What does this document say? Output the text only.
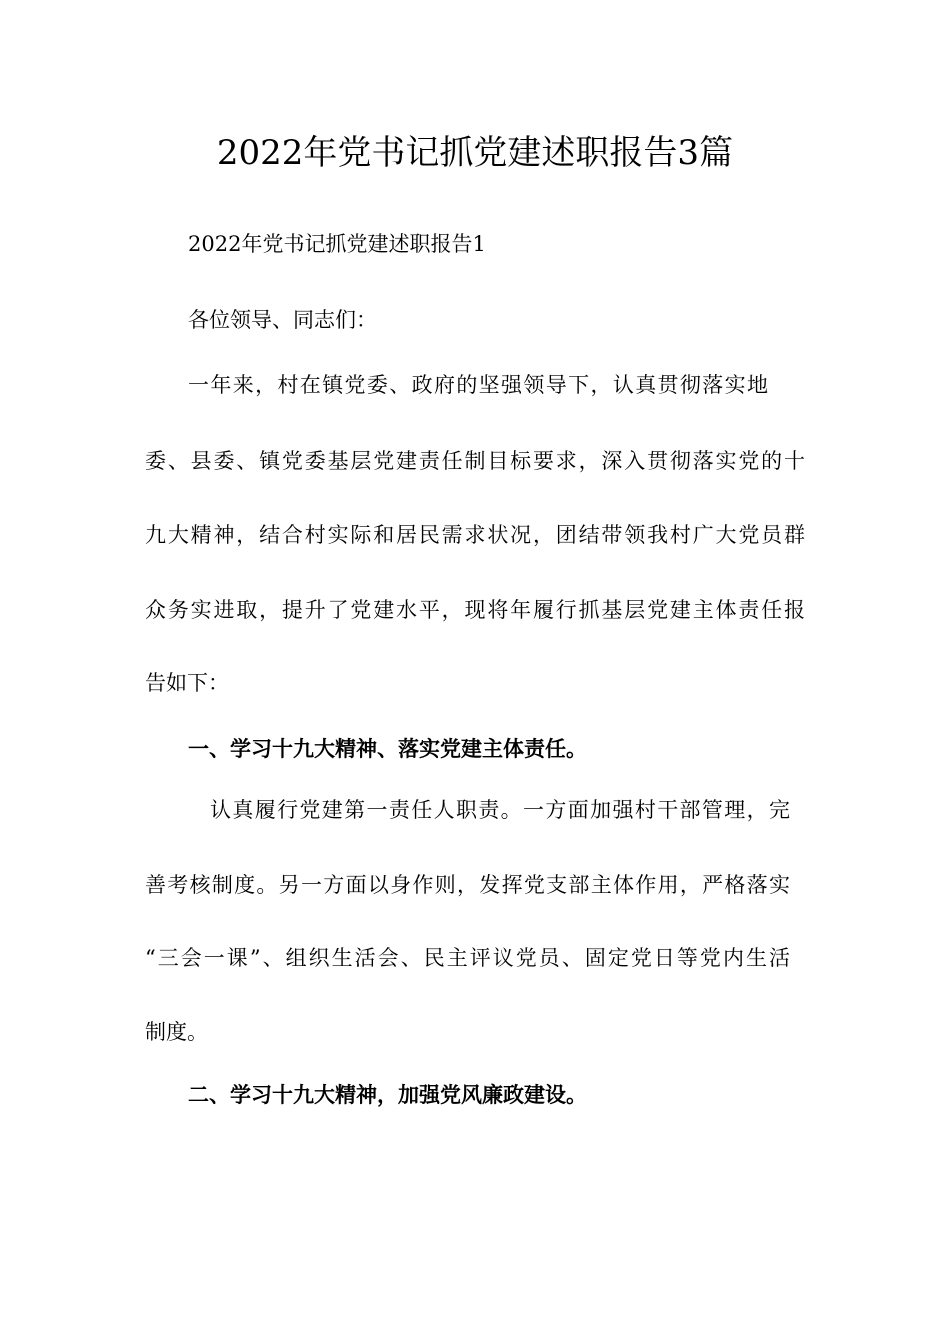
2022年党书记抓党建述职报告3篇

2022年党书记抓党建述职报告1

各位领导、同志们：

一年来，村在镇党委、政府的坚强领导下，认真贯彻落实地

委、县委、镇党委基层党建责任制目标要求，深入贯彻落实党的十

九大精神，结合村实际和居民需求状况，团结带领我村广大党员群

众务实进取，提升了党建水平，现将年履行抓基层党建主体责任报

告如下：

一、学习十九大精神、落实党建主体责任。

认真履行党建第一责任人职责。一方面加强村干部管理，完

善考核制度。另一方面以身作则，发挥党支部主体作用，严格落实

“三会一课”、组织生活会、民主评议党员、固定党日等党内生活

制度。

二、学习十九大精神，加强党风廉政建设。
